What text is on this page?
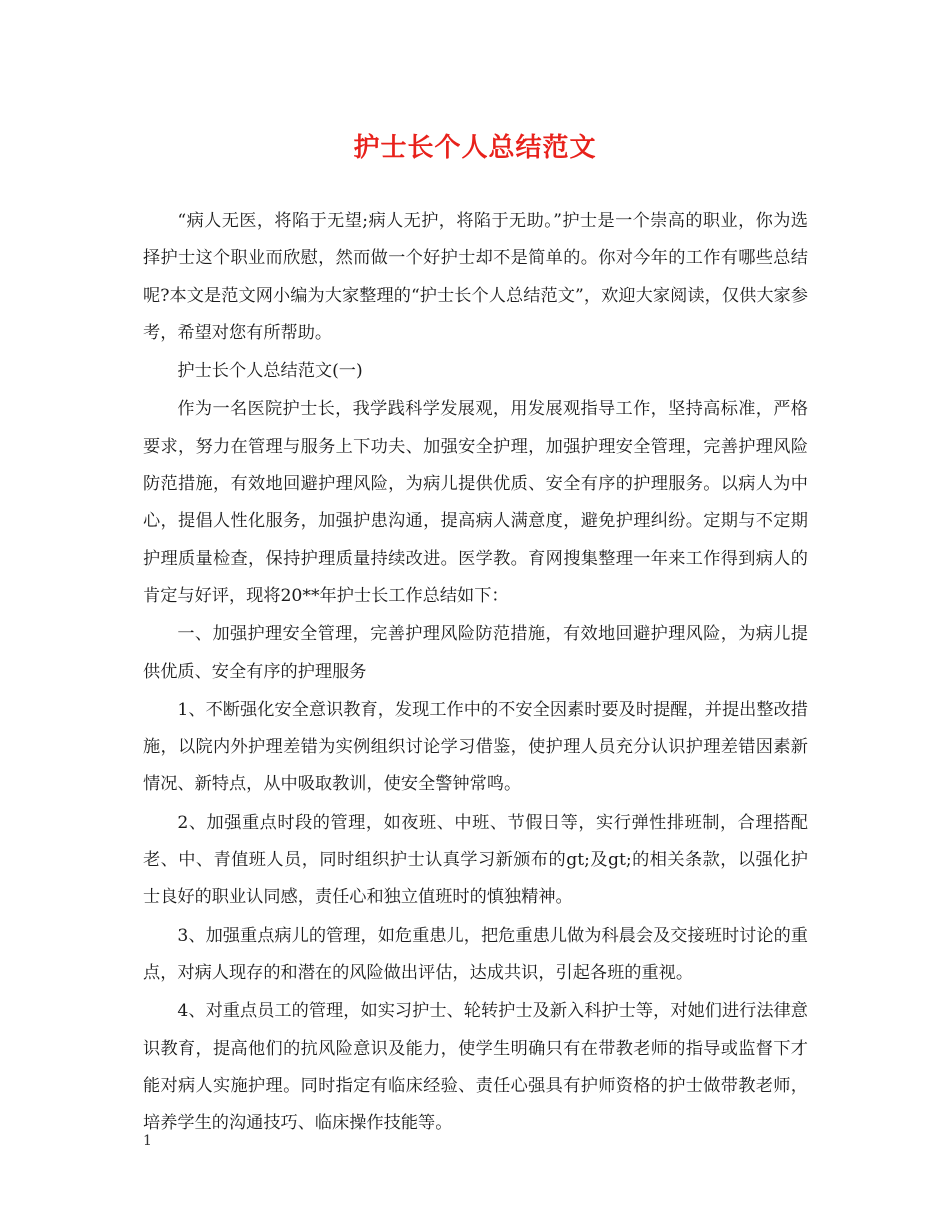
护士长个人总结范文

“病人无医，将陷于无望;病人无护，将陷于无助。”护士是一个崇高的职业，你为选择护士这个职业而欣慰，然而做一个好护士却不是简单的。你对今年的工作有哪些总结呢?本文是范文网小编为大家整理的“护士长个人总结范文”，欢迎大家阅读，仅供大家参考，希望对您有所帮助。

护士长个人总结范文(一)

作为一名医院护士长，我学践科学发展观，用发展观指导工作，坚持高标准，严格要求，努力在管理与服务上下功夫、加强安全护理，加强护理安全管理，完善护理风险防范措施，有效地回避护理风险，为病儿提供优质、安全有序的护理服务。以病人为中心，提倡人性化服务，加强护患沟通，提高病人满意度，避免护理纠纷。定期与不定期护理质量检查，保持护理质量持续改进。医学教。育网搜集整理一年来工作得到病人的肯定与好评，现将20**年护士长工作总结如下：

一、加强护理安全管理，完善护理风险防范措施，有效地回避护理风险，为病儿提供优质、安全有序的护理服务

1、不断强化安全意识教育，发现工作中的不安全因素时要及时提醒，并提出整改措施，以院内外护理差错为实例组织讨论学习借鉴，使护理人员充分认识护理差错因素新情况、新特点，从中吸取教训，使安全警钟常鸣。

2、加强重点时段的管理，如夜班、中班、节假日等，实行弹性排班制，合理搭配老、中、青值班人员，同时组织护士认真学习新颁布的gt;及gt;的相关条款，以强化护士良好的职业认同感，责任心和独立值班时的慎独精神。

3、加强重点病儿的管理，如危重患儿，把危重患儿做为科晨会及交接班时讨论的重点，对病人现存的和潜在的风险做出评估，达成共识，引起各班的重视。

4、对重点员工的管理，如实习护士、轮转护士及新入科护士等，对她们进行法律意识教育，提高他们的抗风险意识及能力，使学生明确只有在带教老师的指导或监督下才能对病人实施护理。同时指定有临床经验、责任心强具有护师资格的护士做带教老师，培养学生的沟通技巧、临床操作技能等。

1
